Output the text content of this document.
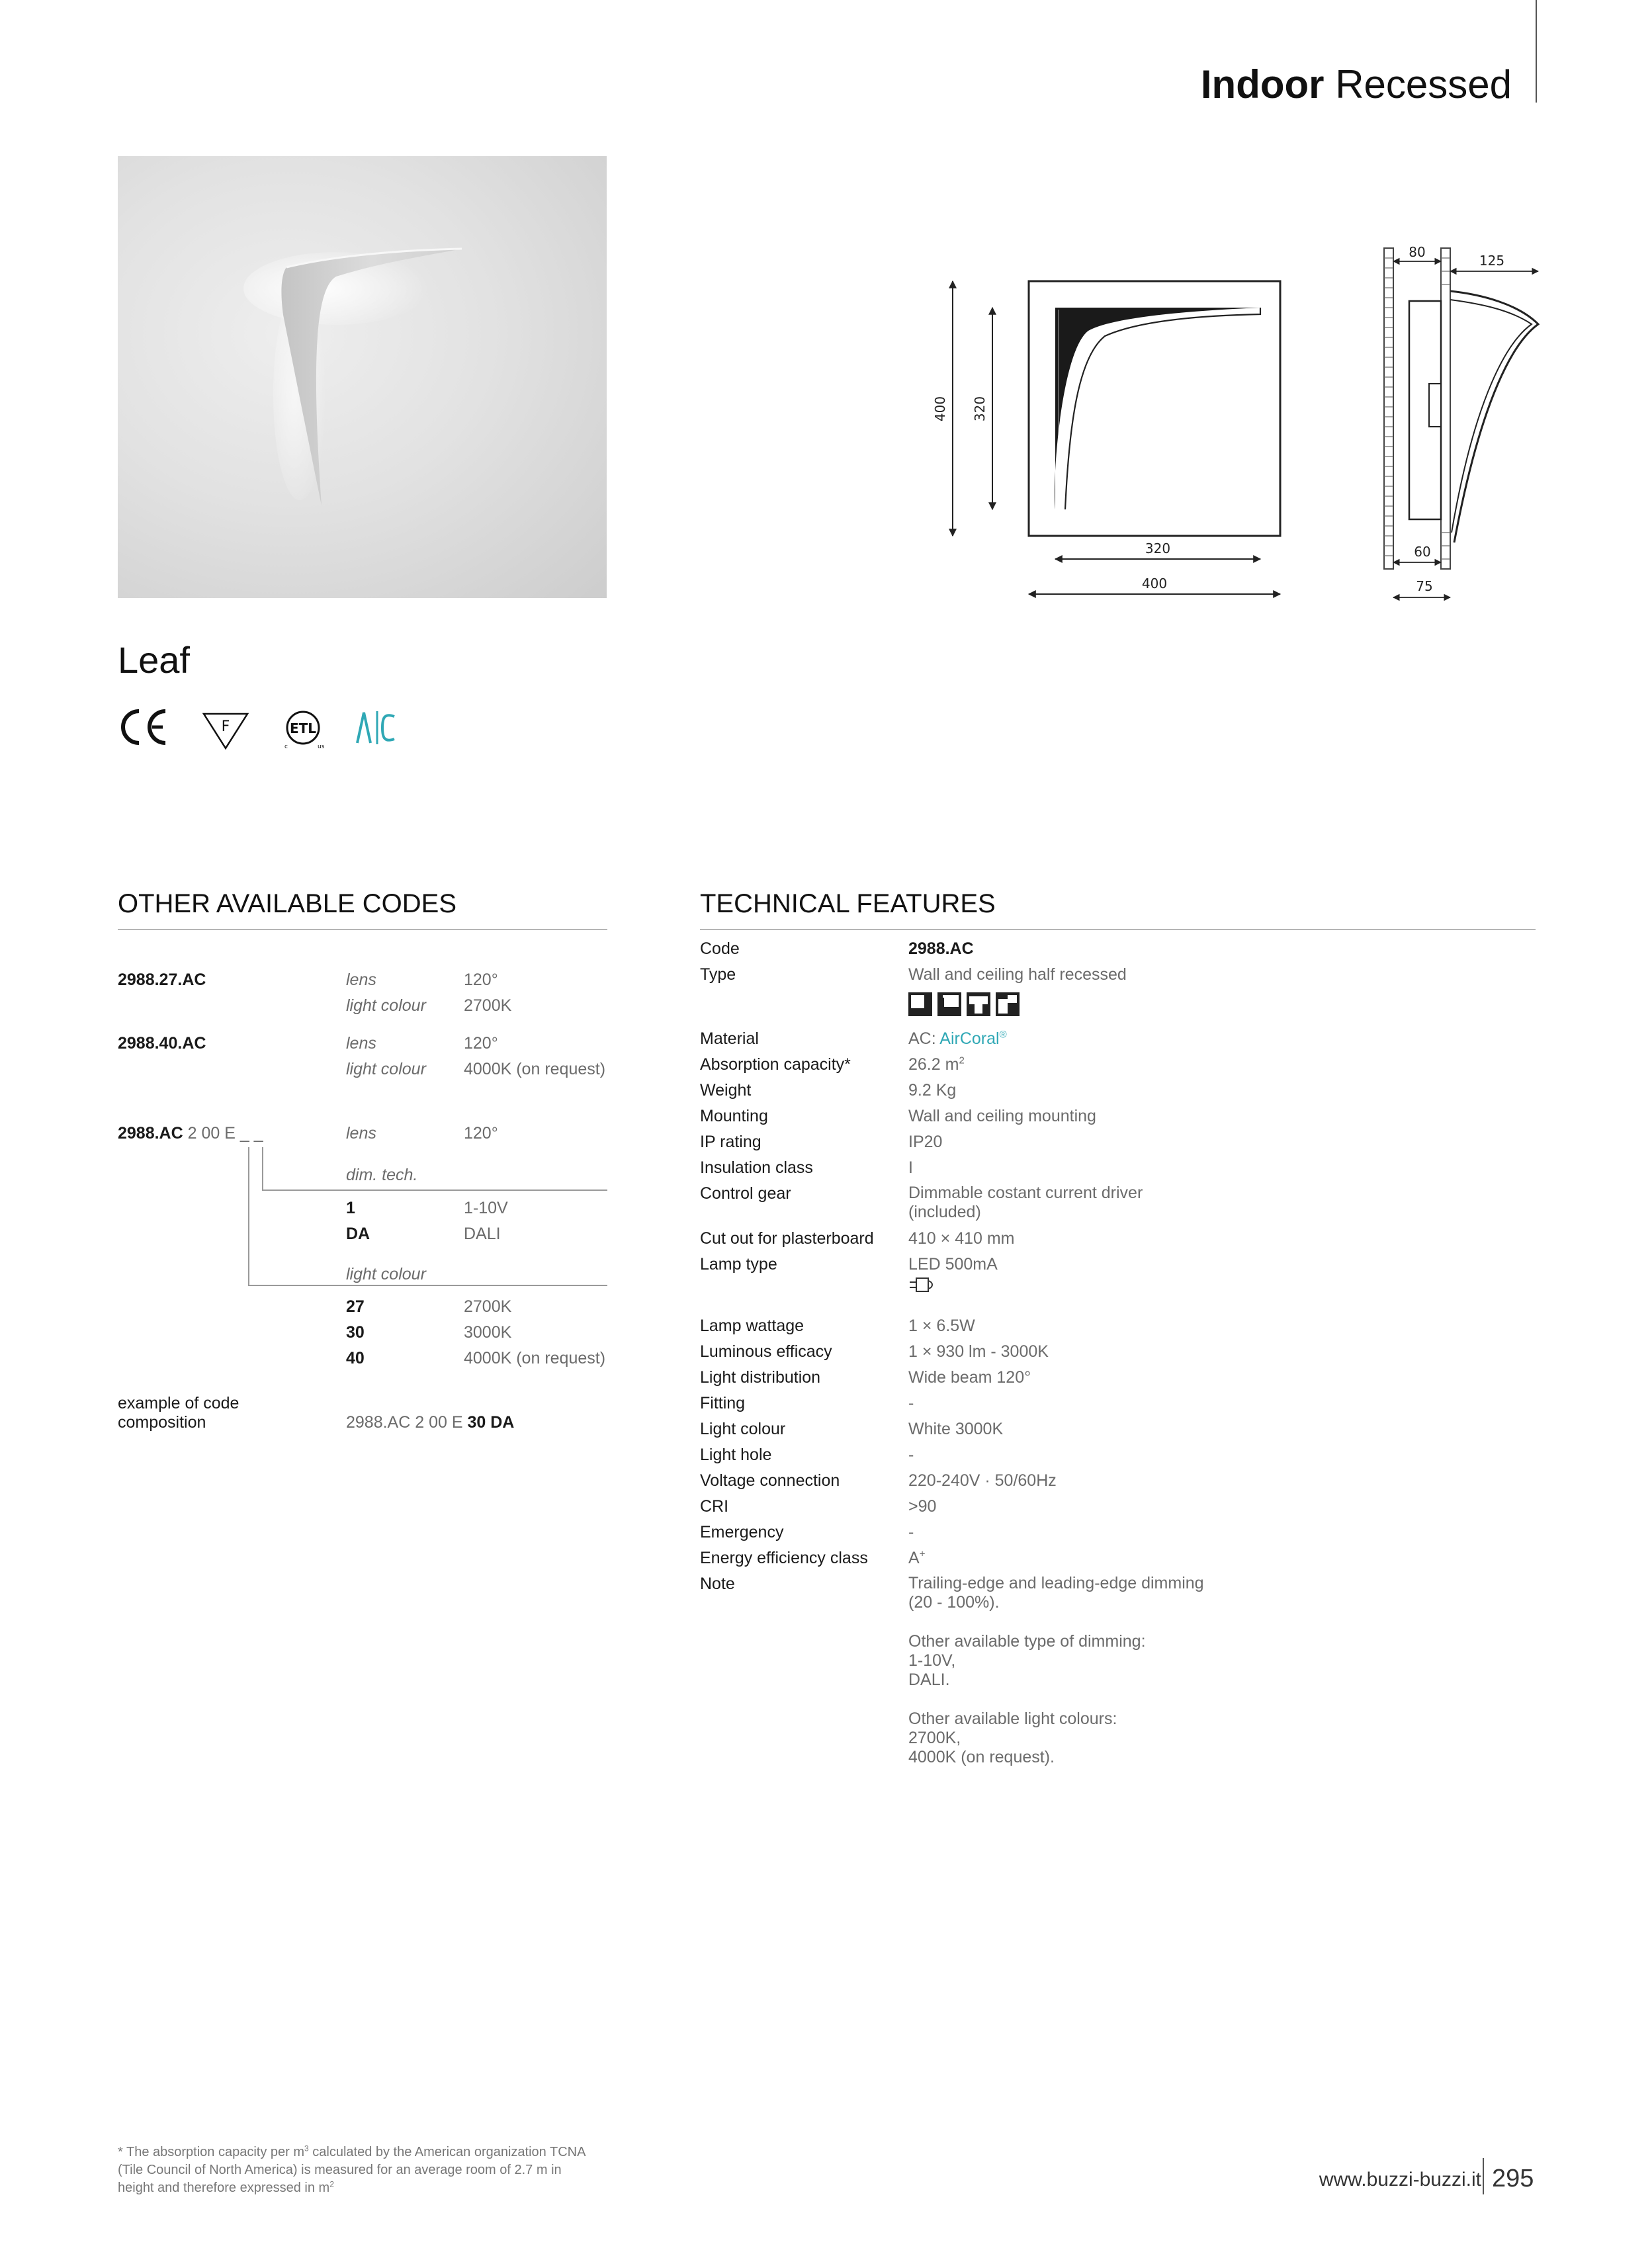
Indoor Recessed
400 320
320
400
80
125
60
75
Leaf
F	ETL
c	us
OTHER AVAILABLE CODES
2988.27.AC	lens	120°
light colour 2700K
2988.40.AC	lens	120°
light colour 4000K (on request)
2988.AC 2 00 E _ _	lens	120°
dim. tech.
1	1-10V
DA	DALI
light colour
27	2700K
30	3000K
40	4000K (on request)
example of code
composition	2988.AC 2 00 E 30 DA
TECHNICAL FEATURES
Code	2988.AC
Type	Wall and ceiling half recessed
Material	AC: AirCoral®
Absorption capacity*	26.2 $m^2$
Weight	9.2 Kg
Mounting	Wall and ceiling mounting
IP rating	IP20
Insulation class	I
Control gear	Dimmable costant current driver
(included)
Cut out for plasterboard 410 × 410 mm
Lamp type	LED 500mA
Lamp wattage	1 × 6.5W
Luminous efficacy	1 × 930 lm - 3000K
Light distribution	Wide beam 120°
Fitting	-
Light colour	White 3000K
Light hole	-
Voltage connection	220-240V · 50/60Hz
CRI	>90
Emergency	-
Energy efficiency class A+
Note	Trailing-edge and leading-edge dimming
(20 - 100%).
Other available type of dimming:
1-10V,
DALI.
Other available light colours:
2700K,
4000K (on request).
* The absorption capacity per $m^3$ calculated by the American organization TCNA
(Tile Council of North America) is measured for an average room of 2.7 m in
height and therefore expressed in $m^2$	www.buzzi-buzzi.it 295
